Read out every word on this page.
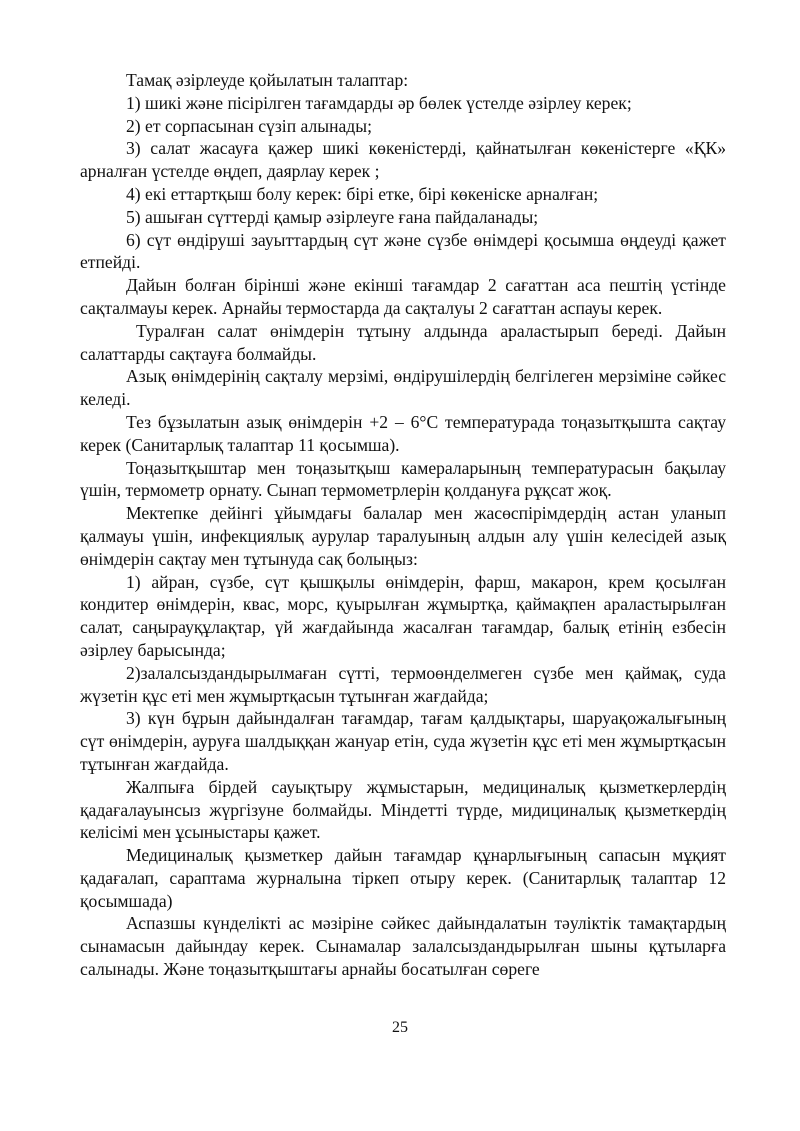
Тамақ әзірлеуде қойылатын талаптар:

1) шикі және пісірілген тағамдарды әр бөлек үстелде әзірлеу керек;

2) ет сорпасынан сүзіп алынады;

3) салат жасауға қажер шикі көкеністерді, қайнатылған көкеністерге «ҚК» арналған үстелде өңдеп, даярлау керек ;

4) екі еттартқыш болу керек: бірі етке, бірі көкеніске арналған;

5) ашыған сүттерді қамыр әзірлеуге ғана пайдаланады;

6) сүт өндіруші зауыттардың сүт және сүзбе өнімдері қосымша өңдеуді қажет етпейді.

Дайын болған бірінші және екінші тағамдар 2 сағаттан аса пештің үстінде сақталмауы керек. Арнайы термостарда да сақталуы 2 сағаттан аспауы керек.

Туралған салат өнімдерін тұтыну алдында араластырып береді. Дайын салаттарды сақтауға болмайды.

Азық өнімдерінің сақталу мерзімі, өндірушілердің белгілеген мерзіміне сәйкес келеді.

Тез бұзылатын азық өнімдерін +2 – 6°С температурада тоңазытқышта сақтау керек (Санитарлық талаптар 11 қосымша).

Тоңазытқыштар мен тоңазытқыш камераларының температурасын бақылау үшін, термометр орнату. Сынап термометрлерін қолдануға рұқсат жоқ.

Мектепке дейінгі ұйымдағы балалар мен жасөспірімдердің астан уланып қалмауы үшін, инфекциялық аурулар таралуының алдын алу үшін келесідей азық өнімдерін сақтау мен тұтынуда сақ болыңыз:

1) айран, сүзбе, сүт қышқылы өнімдерін, фарш, макарон, крем қосылған кондитер өнімдерін, квас, морс, қуырылған жұмыртқа, қаймақпен араластырылған салат, саңырауқұлақтар, үй жағдайында жасалған тағамдар, балық етінің езбесін әзірлеу барысында;

2)залалсыздандырылмаған сүтті, термоөнделмеген сүзбе мен қаймақ, суда жүзетін құс еті мен жұмыртқасын тұтынған жағдайда;

3) күн бұрын дайындалған тағамдар, тағам қалдықтары, шаруақожалығының сүт өнімдерін, ауруға шалдыққан жануар етін, суда жүзетін құс еті мен жұмыртқасын тұтынған жағдайда.

Жалпыға бірдей сауықтыру жұмыстарын, медициналық қызметкерлердің қадағалауынсыз жүргізуне болмайды. Міндетті түрде, мидициналық қызметкердің келісімі мен ұсыныстары қажет.

Медициналық қызметкер дайын тағамдар құнарлығының сапасын мұқият қадағалап, сараптама журналына тіркеп отыру керек. (Санитарлық талаптар 12 қосымшада)

Аспазшы күнделікті ас мәзіріне сәйкес дайындалатын тәуліктік тамақтардың сынамасын дайындау керек. Сынамалар залалсыздандырылған шыны құтыларға салынады. Және тоңазытқыштағы арнайы босатылған сөреге

25
